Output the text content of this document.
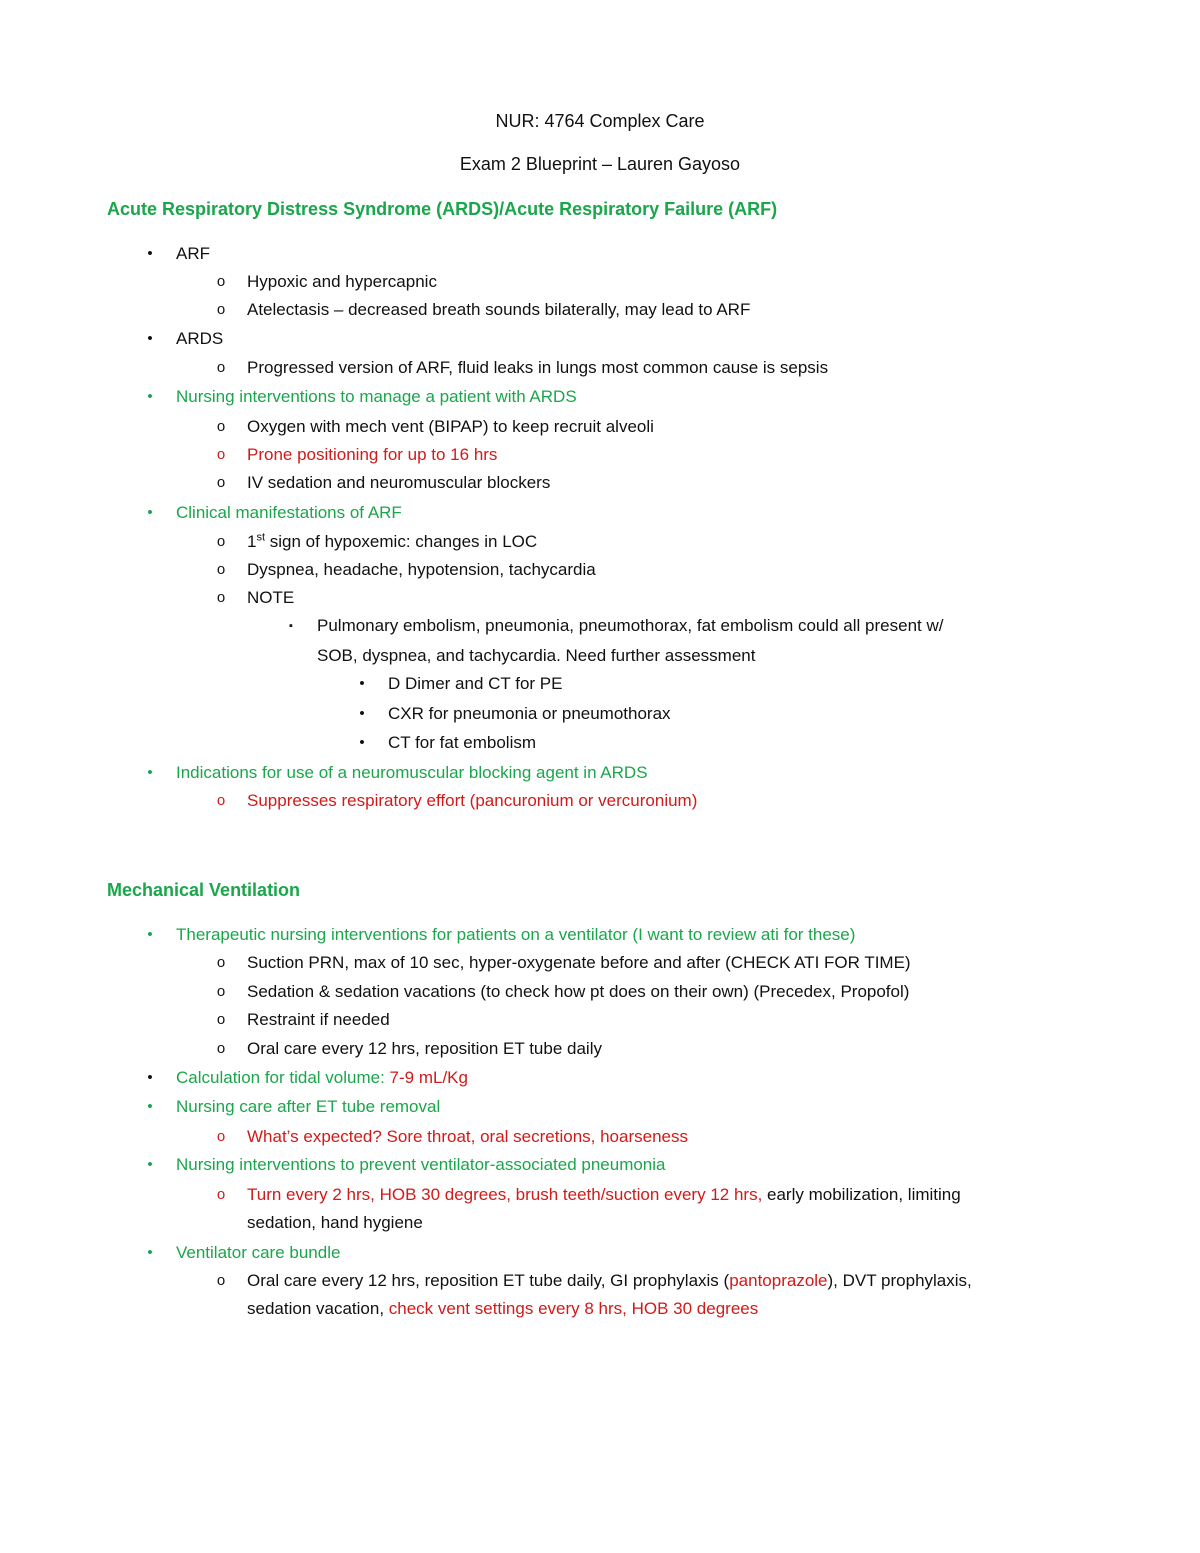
NUR: 4764 Complex Care
Exam 2 Blueprint – Lauren Gayoso
Acute Respiratory Distress Syndrome (ARDS)/Acute Respiratory Failure (ARF)
•	ARF
o Hypoxic and hypercapnic
o Atelectasis – decreased breath sounds bilaterally, may lead to ARF
•	ARDS
o Progressed version of ARF, fluid leaks in lungs most common cause is sepsis
•	Nursing interventions to manage a patient with ARDS
o Oxygen with mech vent (BIPAP) to keep recruit alveoli
o Prone positioning for up to 16 hrs
o IV sedation and neuromuscular blockers
•	Clinical manifestations of ARF
o 1st sign of hypoxemic: changes in LOC
o Dyspnea, headache, hypotension, tachycardia
o NOTE
▪	Pulmonary embolism, pneumonia, pneumothorax, fat embolism could all present w/
SOB, dyspnea, and tachycardia. Need further assessment
•	D Dimer and CT for PE
•	CXR for pneumonia or pneumothorax
•	CT for fat embolism
•	Indications for use of a neuromuscular blocking agent in ARDS
o Suppresses respiratory effort (pancuronium or vercuronium)
Mechanical Ventilation
•	Therapeutic nursing interventions for patients on a ventilator (I want to review ati for these)
o Suction PRN, max of 10 sec, hyper-oxygenate before and after (CHECK ATI FOR TIME)
o Sedation & sedation vacations (to check how pt does on their own) (Precedex, Propofol)
o Restraint if needed
o Oral care every 12 hrs, reposition ET tube daily
•	Calculation for tidal volume: 7-9 mL/Kg
•	Nursing care after ET tube removal
o What’s expected? Sore throat, oral secretions, hoarseness
•	Nursing interventions to prevent ventilator-associated pneumonia
o Turn every 2 hrs, HOB 30 degrees, brush teeth/suction every 12 hrs, early mobilization, limiting
sedation, hand hygiene
•	Ventilator care bundle
o Oral care every 12 hrs, reposition ET tube daily, GI prophylaxis (pantoprazole), DVT prophylaxis,
sedation vacation, check vent settings every 8 hrs, HOB 30 degrees
